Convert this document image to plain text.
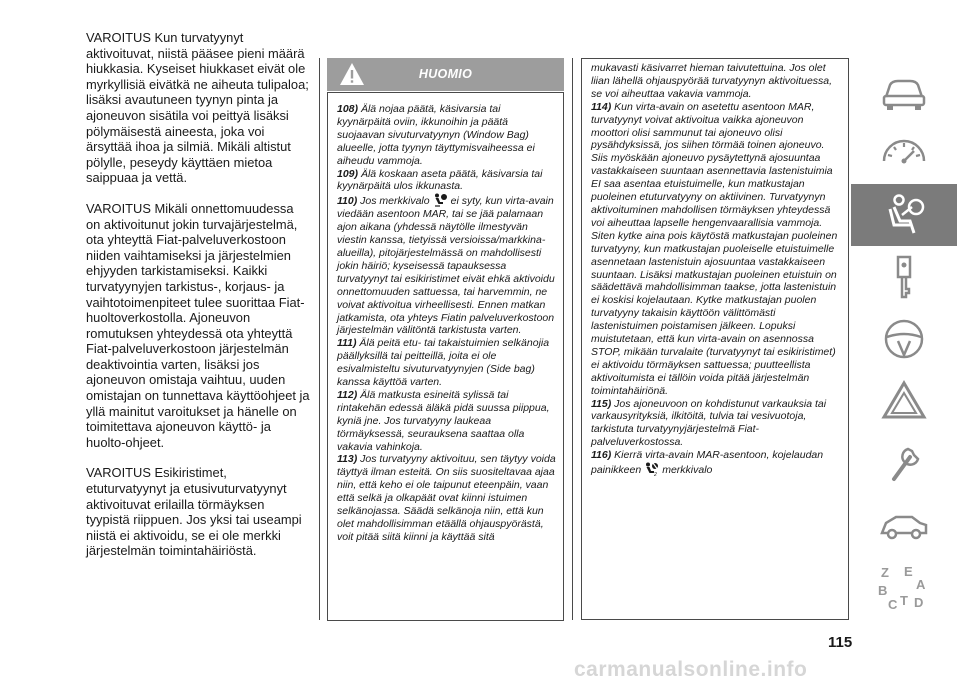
VAROITUS Kun turvatyynyt aktivoituvat, niistä pääsee pieni määrä hiukkasia. Kyseiset hiukkaset eivät ole myrkyllisiä eivätkä ne aiheuta tulipaloa; lisäksi avautuneen tyynyn pinta ja ajoneuvon sisätila voi peittyä lisäksi pölymäisestä aineesta, joka voi ärsyttää ihoa ja silmiä. Mikäli altistut pölylle, peseydy käyttäen mietoa saippuaa ja vettä.

VAROITUS Mikäli onnettomuudessa on aktivoitunut jokin turvajärjestelmä, ota yhteyttä Fiat-palveluverkostoon niiden vaihtamiseksi ja järjestelmien ehjyyden tarkistamiseksi. Kaikki turvatyynyjen tarkistus-, korjaus- ja vaihtotoimenpiteet tulee suorittaa Fiat-huoltoverkostolla. Ajoneuvon romutuksen yhteydessä ota yhteyttä Fiat-palveluverkostoon järjestelmän deaktivointia varten, lisäksi jos ajoneuvon omistaja vaihtuu, uuden omistajan on tunnettava käyttöohjeet ja yllä mainitut varoitukset ja hänelle on toimitettava ajoneuvon käyttö- ja huolto-ohjeet.

VAROITUS Esikiristimet, etuturvatyynyt ja etusivuturvatyynyt aktivoituvat erilailla törmäyksen tyypistä riippuen. Jos yksi tai useampi niistä ei aktivoidu, se ei ole merkki järjestelmän toimintahäiriöstä.

HUOMIO

108) Älä nojaa päätä, käsivarsia tai kyynärpäitä oviin, ikkunoihin ja päätä suojaavan sivuturvatyynyn (Window Bag) alueelle, jotta tyynyn täyttymisvaiheessa ei aiheudu vammoja.

109) Älä koskaan aseta päätä, käsivarsia tai kyynärpäitä ulos ikkunasta.

110) Jos merkkivalo ei syty, kun virta-avain viedään asentoon MAR, tai se jää palamaan ajon aikana (yhdessä näytölle ilmestyvän viestin kanssa, tietyissä versioissa/markkina-alueilla), pitojärjestelmässä on mahdollisesti jokin häiriö; kyseisessä tapauksessa turvatyynyt tai esikiristimet eivät ehkä aktivoidu onnettomuuden sattuessa, tai harvemmin, ne voivat aktivoitua virheellisesti. Ennen matkan jatkamista, ota yhteys Fiatin palveluverkostoon järjestelmän välitöntä tarkistusta varten.

111) Älä peitä etu- tai takaistuimien selkänojia päällyksillä tai peitteillä, joita ei ole esivalmisteltu sivuturvatyynyjen (Side bag) kanssa käyttöä varten.

112) Älä matkusta esineitä sylissä tai rintakehän edessä äläkä pidä suussa piippua, kyniä jne. Jos turvatyyny laukeaa törmäyksessä, seurauksena saattaa olla vakavia vahinkoja.

113) Jos turvatyyny aktivoituu, sen täytyy voida täyttyä ilman esteitä. On siis suositeltavaa ajaa niin, että keho ei ole taipunut eteenpäin, vaan että selkä ja olkapäät ovat kiinni istuimen selkänojassa. Säädä selkänoja niin, että kun olet mahdollisimman etäällä ohjauspyörästä, voit pitää siitä kiinni ja käyttää sitä

mukavasti käsivarret hieman taivutettuina. Jos olet liian lähellä ohjauspyörää turvatyynyn aktivoituessa, se voi aiheuttaa vakavia vammoja.

114) Kun virta-avain on asetettu asentoon MAR, turvatyynyt voivat aktivoitua vaikka ajoneuvon moottori olisi sammunut tai ajoneuvo olisi pysähdyksissä, jos siihen törmää toinen ajoneuvo. Siis myöskään ajoneuvo pysäytettynä ajosuuntaa vastakkaiseen suuntaan asennettavia lastenistuimia EI saa asentaa etuistuimelle, kun matkustajan puoleinen etuturvatyyny on aktiivinen. Turvatyynyn aktivoituminen mahdollisen törmäyksen yhteydessä voi aiheuttaa lapselle hengenvaarallisia vammoja. Siten kytke aina pois käytöstä matkustajan puoleinen turvatyyny, kun matkustajan puoleiselle etuistuimelle asennetaan lastenistuin ajosuuntaa vastakkaiseen suuntaan. Lisäksi matkustajan puoleinen etuistuin on säädettävä mahdollisimman taakse, jotta lastenistuin ei koskisi kojelautaan. Kytke matkustajan puolen turvatyyny takaisin käyttöön välittömästi lastenistuimen poistamisen jälkeen. Lopuksi muistutetaan, että kun virta-avain on asennossa STOP, mikään turvalaite (turvatyynyt tai esikiristimet) ei aktivoidu törmäyksen sattuessa; puutteellista aktivoitumista ei tällöin voida pitää järjestelmän toimintahäiriönä.

115) Jos ajoneuvoon on kohdistunut varkauksia tai varkausyrityksiä, ilkitöitä, tulvia tai vesivuotoja, tarkistuta turvatyynyjärjestelmä Fiat-palveluverkostossa.

116) Kierrä virta-avain MAR-asentoon, kojelaudan painikkeen	2 merkkivalo

Z E
A
B
C T D
115
carmanualsonline.info
